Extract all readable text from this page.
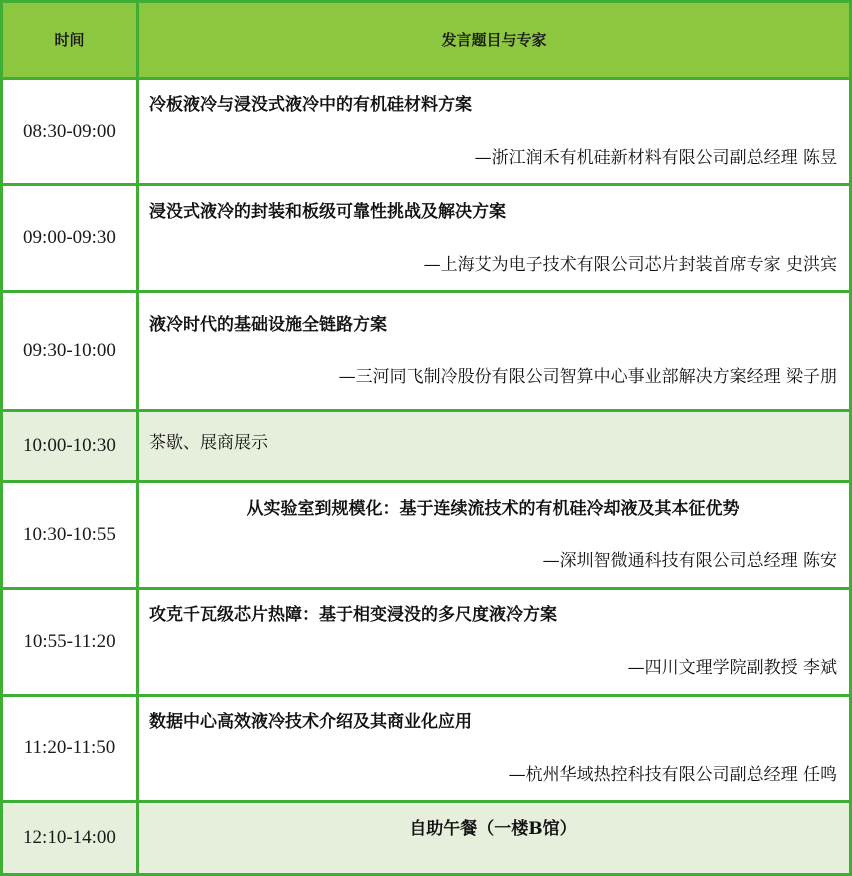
时间	发言题目与专家
08:30-09:00	冷板液冷与浸没式液冷中的有机硅材料方案
—浙江润禾有机硅新材料有限公司副总经理 陈昱

09:00-09:30	浸没式液冷的封装和板级可靠性挑战及解决方案
—上海艾为电子技术有限公司芯片封装首席专家 史洪宾

09:30-10:00	液冷时代的基础设施全链路方案
—三河同飞制冷股份有限公司智算中心事业部解决方案经理 梁子朋

10:00-10:30	茶歇、展商展示

10:30-10:55	从实验室到规模化：基于连续流技术的有机硅冷却液及其本征优势
—深圳智微通科技有限公司总经理 陈安

10:55-11:20	攻克千瓦级芯片热障：基于相变浸没的多尺度液冷方案
—四川文理学院副教授 李斌

11:20-11:50	数据中心高效液冷技术介绍及其商业化应用
—杭州华域热控科技有限公司副总经理 任鸣

12:10-14:00	自助午餐（一楼B馆）
